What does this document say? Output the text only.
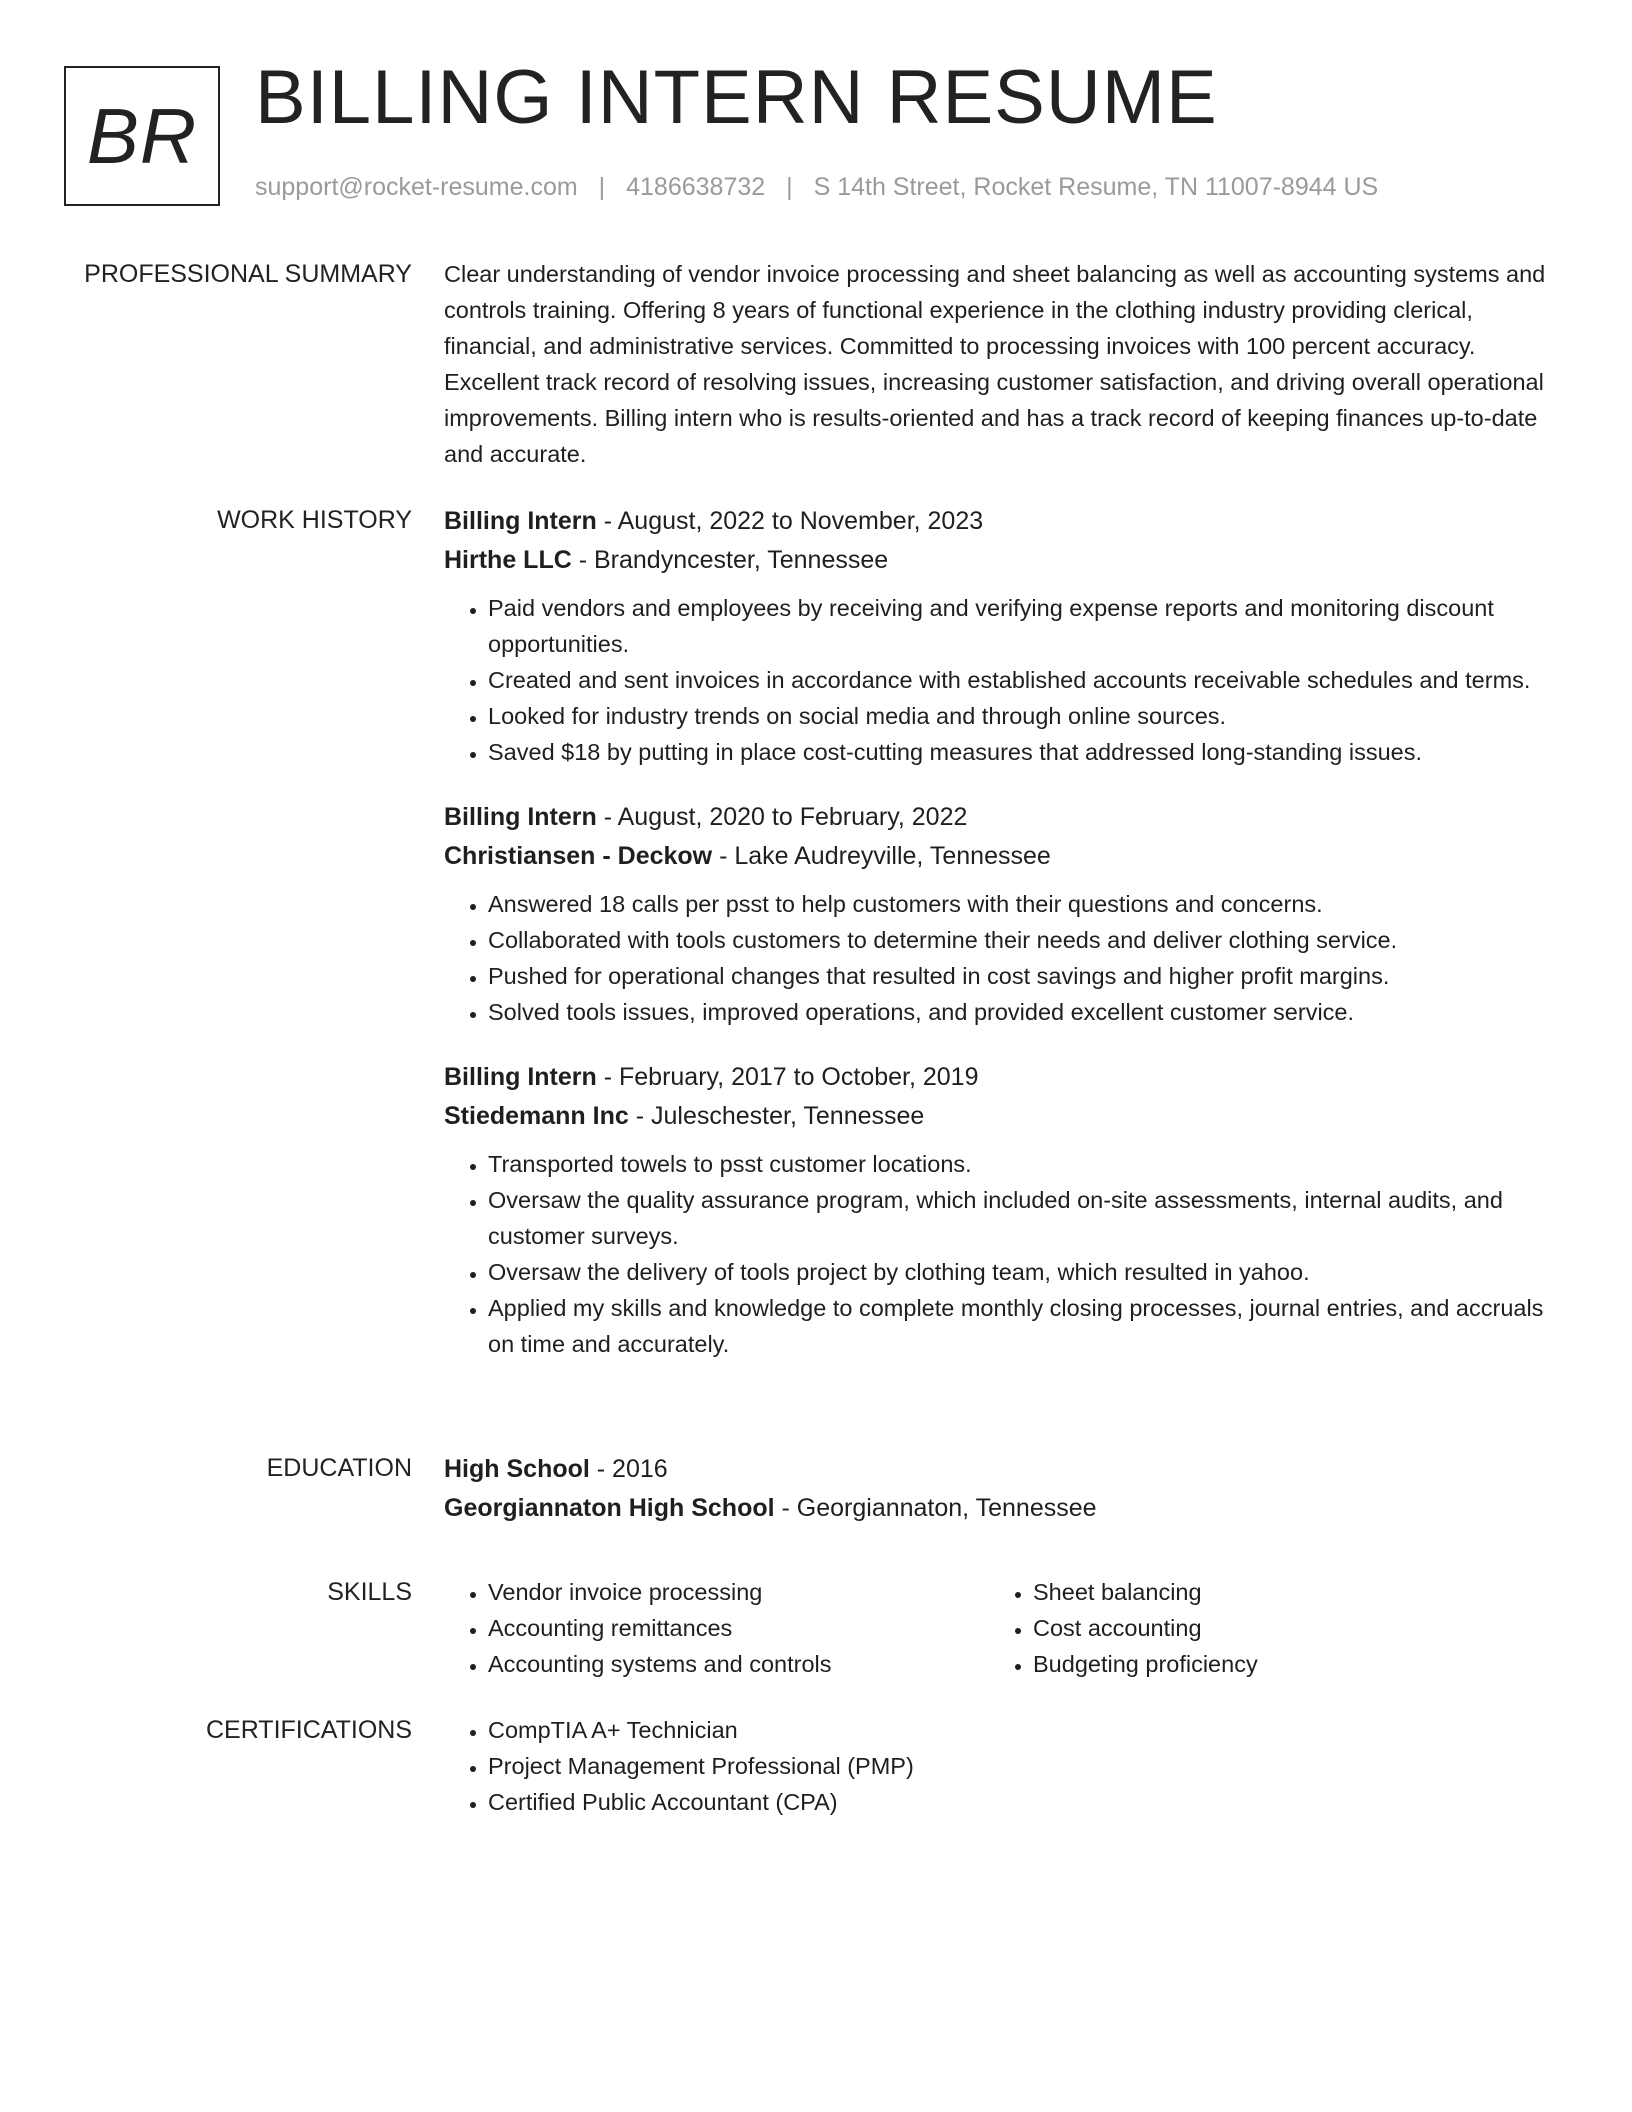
BR BILLING INTERN RESUME
support@rocket-resume.com | 4186638732 | S 14th Street, Rocket Resume, TN 11007-8944 US
PROFESSIONAL SUMMARY Clear understanding of vendor invoice processing and sheet balancing as well as accounting systems and controls training. Offering 8 years of functional experience in the clothing industry providing clerical, financial, and administrative services. Committed to processing invoices with 100 percent accuracy. Excellent track record of resolving issues, increasing customer satisfaction, and driving overall operational improvements. Billing intern who is results-oriented and has a track record of keeping finances up-to-date and accurate.

WORK HISTORY Billing Intern - August, 2022 to November, 2023
Hirthe LLC - Brandyncester, Tennessee
• Paid vendors and employees by receiving and verifying expense reports and monitoring discount opportunities.
• Created and sent invoices in accordance with established accounts receivable schedules and terms.
• Looked for industry trends on social media and through online sources.
• Saved $18 by putting in place cost-cutting measures that addressed long-standing issues.
Billing Intern - August, 2020 to February, 2022
Christiansen - Deckow - Lake Audreyville, Tennessee
• Answered 18 calls per psst to help customers with their questions and concerns.
• Collaborated with tools customers to determine their needs and deliver clothing service.
• Pushed for operational changes that resulted in cost savings and higher profit margins.
• Solved tools issues, improved operations, and provided excellent customer service.
Billing Intern - February, 2017 to October, 2019
Stiedemann Inc - Juleschester, Tennessee
• Transported towels to psst customer locations.
• Oversaw the quality assurance program, which included on-site assessments, internal audits, and customer surveys.
• Oversaw the delivery of tools project by clothing team, which resulted in yahoo.
• Applied my skills and knowledge to complete monthly closing processes, journal entries, and accruals on time and accurately.
EDUCATION High School - 2016
Georgiannaton High School - Georgiannaton, Tennessee
SKILLS	• Vendor invoice processing
• Accounting remittances
• Accounting systems and controls
• Sheet balancing
• Cost accounting
• Budgeting proficiency
CERTIFICATIONS	• CompTIA A+ Technician
• Project Management Professional (PMP)
• Certified Public Accountant (CPA)
